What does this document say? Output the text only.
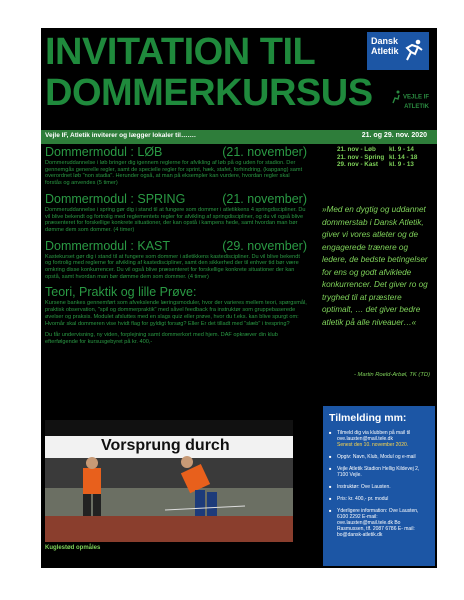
INVITATION TIL
DOMMERKURSUS
Dansk
Atletik
VEJLE IF ATLETIK
Vejle IF, Atletik inviterer og lægger lokaler til…….	21. og 29. nov. 2020
21. nov - Løb	kl. 9 - 14
21. nov - Spring kl. 14 - 18
29. nov - Kast	kl. 9 - 13
Dommermodul : LØB	(21. november)

Dommeruddannelse i løb bringer dig igennem reglerne for afvikling af løb på og uden for stadion. Der gennemgås generelle regler, samt de specielle regler for sprint, hæk, stafet, forhindring, (kapgang) samt overordnet løb "non stadia". Herunder også, at man på eksempler kan vurdere, hvordan regler skal forstås og anvendes (5 timer)

Dommermodul : SPRING	(21. november)

Dommeruddannelse i spring gør dig i stand til at fungere som dommer i atletikkens 4 springdiscipliner. Du vil blive bekendt og fortrolig med reglementets regler for afvikling af springdiscipliner, og du vil også blive præsenteret for forskellige konkrete situationer, der kan opstå i kampens hede, samt hvordan man bør dømme dem som dommer. (4 timer)

Dommermodul : KAST	(29. november)

Kastekurset gør dig i stand til at fungere som dommer i atletikkens kastediscipliner. Du vil blive bekendt og fortrolig med reglerne for afvikling af kastediscipliner, samt den sikkerhed der til enhver tid bør være omkring disse konkurrencer. Du vil også blive præsenteret for forskellige konkrete situationer der kan opstå, samt hvordan man bør dømme dem som dommer. (4 timer)

Teori, Praktik og lille Prøve:

Kursene bankes gennemført som afvekslende læringsmoduler, hvor der varieres mellem teori, spørgsmål, praktisk observation, "spil og dommerpraktik" med såvel feedback fra instruktør som gruppebaserede øvelser og praksis. Modulet afsluttes med en slags quiz eller prøve, hvor du f.eks. kan blive spurgt om: Hvornår skal dommeren vise hvidt flag for gyldigt forsøg? Eller Er det tilladt med "slæb" i trespring?

Du får undervisning, ny viden, forplejning samt dommerkort med hjem. DAF opkræver din klub efterfølgende for kursusgebyret på kr. 400,-

»Med en dygtig og uddannet dommerstab i Dansk Atletik, giver vi vores atleter og de engagerede trænere og ledere, de bedste betingelser for ens og godt afviklede konkurrencer. Det giver ro og tryghed til at præstere optimalt, … det giver bedre atletik på alle niveauer…«
- Martin Roeld-Arbøl, TK (TD)
Vorsprung durch
Kuglestød opmåles
Tilmelding mm:
■ Tilmeld dig via klubben på mail til ove.lausten@mail.tele.dk
Senest den 10. november 2020.
■ Opgiv: Navn, Klub, Modul og e-mail
■ Vejle Atletik Stadion Hellig Kildevej 2, 7100 Vejle.
■ Instruktør: Ove Lausten.
■ Pris: kr. 400,- pr. modul
■ Yderligere information: Ove Lausten, 6100 2292 E-mail: ove.lausten@mail.tele.dk Bo Rasmussen, tlf. 2087 6786 E- mail: bo@dansk-atletik.dk
